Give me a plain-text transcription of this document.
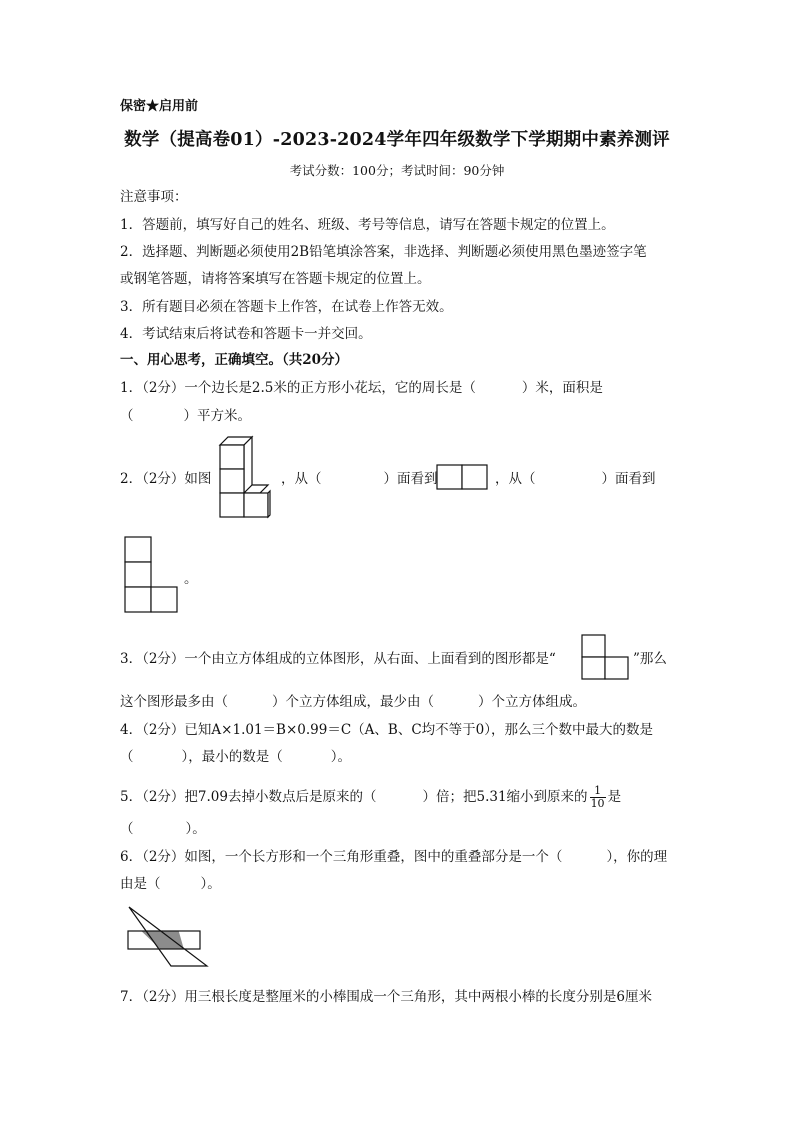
保密★启用前
数学（提高卷01）-2023-2024学年四年级数学下学期期中素养测评
考试分数：100分；考试时间：90分钟
注意事项：
1．答题前，填写好自己的姓名、班级、考号等信息，请写在答题卡规定的位置上。
2．选择题、判断题必须使用2B铅笔填涂答案，非选择、判断题必须使用黑色墨迹签字笔
或钢笔答题，请将答案填写在答题卡规定的位置上。
3．所有题目必须在答题卡上作答，在试卷上作答无效。
4．考试结束后将试卷和答题卡一并交回。
一、用心思考，正确填空。（共20分）
1．（2分）一个边长是2.5米的正方形小花坛，它的周长是（	）米，面积是
（	）平方米。
2．（2分）如图	，从（	）面看到	，从（	）面看到
。
3．（2分）一个由立方体组成的立体图形，从右面、上面看到的图形都是“	”那么
这个图形最多由（	）个立方体组成，最少由（	）个立方体组成。
4．（2分）已知A×1.01＝B×0.99＝C（A、B、C均不等于0），那么三个数中最大的数是
（	），最小的数是（	）。
5．（2分）把7.09去掉小数点后是原来的（	）倍；把5.31缩小到原来的 $\frac{1}{10}$ 是
（	）。
6．（2分）如图，一个长方形和一个三角形重叠，图中的重叠部分是一个（	），你的理
由是（	）。
7．（2分）用三根长度是整厘米的小棒围成一个三角形，其中两根小棒的长度分别是6厘米
